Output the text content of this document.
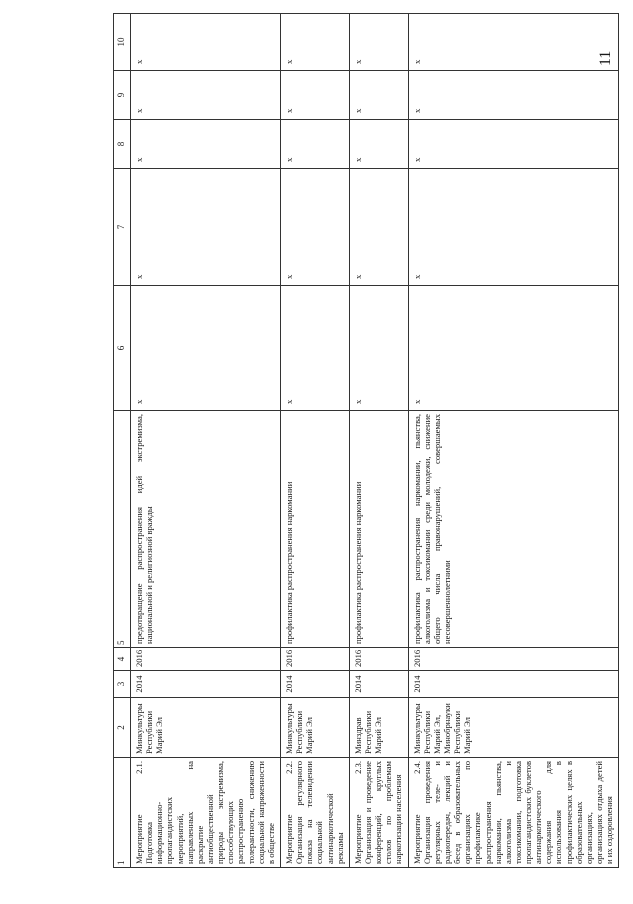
11
1	2	3	4	5	6	7	8	9	10
Мероприятие 2.1. Подготовка информационно-пропагандистских мероприятий, направленных на раскрытие антиобщественной природы экстремизма, способствующих распространению толерантности, снижению социальной напряженности в обществе	Минкультуры Республики Марий Эл	2014	2016	предотвращение распространения идей экстремизма, национальной и религиозной вражды	x	x	x	x	x
Мероприятие 2.2. Организация регулярного показа на телевидении социальной антинаркотической рекламы	Минкультуры Республики Марий Эл	2014	2016	профилактика распространения наркомании	x	x	x	x	x
Мероприятие 2.3. Организация и проведение конференций, круглых столов по проблемам наркотизации населения	Минздрав Республики Марий Эл	2014	2016	профилактика распространения наркомании	x	x	x	x	x
Мероприятие 2.4. Организация проведения регулярных теле- и радиопередач, лекций и бесед в образовательных организациях по профилактике распространения наркомании, пьянства, алкоголизма и токсикомании, подготовка пропагандистских буклетов антинаркотического содержания для использования в профилактических целях в образовательных организациях, организациях отдыха детей и их оздоровления	Минкультуры Республики Марий Эл, Минобрнауки Республики Марий Эл	2014	2016	профилактика распространения наркомании, пьянства, алкоголизма и токсикомании среди молодежи, снижение общего числа правонарушений, совершаемых несовершеннолетними	x	x	x	x	x
